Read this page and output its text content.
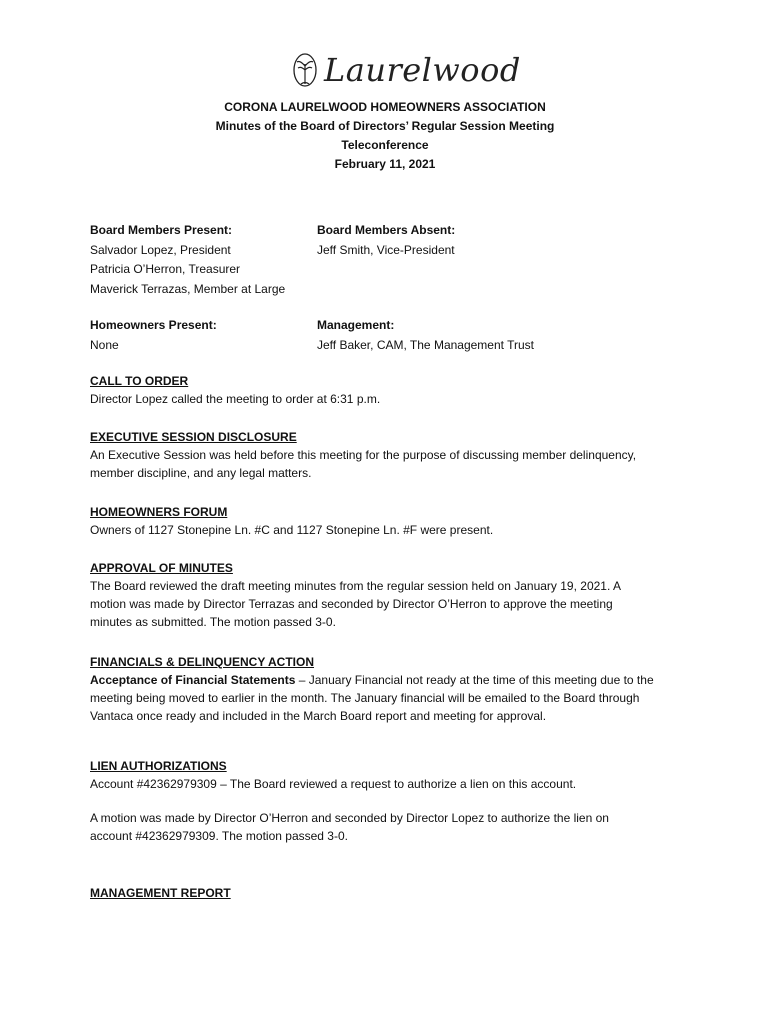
Laurelwood
CORONA LAURELWOOD HOMEOWNERS ASSOCIATION
Minutes of the Board of Directors’ Regular Session Meeting
Teleconference
February 11, 2021
Board Members Present:
Salvador Lopez, President
Patricia O’Herron, Treasurer
Maverick Terrazas, Member at Large
Board Members Absent:
Jeff Smith, Vice-President
Homeowners Present:
None
Management:
Jeff Baker, CAM, The Management Trust
CALL TO ORDER

Director Lopez called the meeting to order at 6:31 p.m.

EXECUTIVE SESSION DISCLOSURE

An Executive Session was held before this meeting for the purpose of discussing member delinquency,

member discipline, and any legal matters.

HOMEOWNERS FORUM

Owners of 1127 Stonepine Ln. #C and 1127 Stonepine Ln. #F were present.

APPROVAL OF MINUTES

The Board reviewed the draft meeting minutes from the regular session held on January 19, 2021. A

motion was made by Director Terrazas and seconded by Director O’Herron to approve the meeting

minutes as submitted. The motion passed 3-0.

FINANCIALS & DELINQUENCY ACTION

Acceptance of Financial Statements – January Financial not ready at the time of this meeting due to the

meeting being moved to earlier in the month. The January financial will be emailed to the Board through

Vantaca once ready and included in the March Board report and meeting for approval.

LIEN AUTHORIZATIONS

Account #42362979309 – The Board reviewed a request to authorize a lien on this account.

A motion was made by Director O’Herron and seconded by Director Lopez to authorize the lien on

account #42362979309. The motion passed 3-0.

MANAGEMENT REPORT
